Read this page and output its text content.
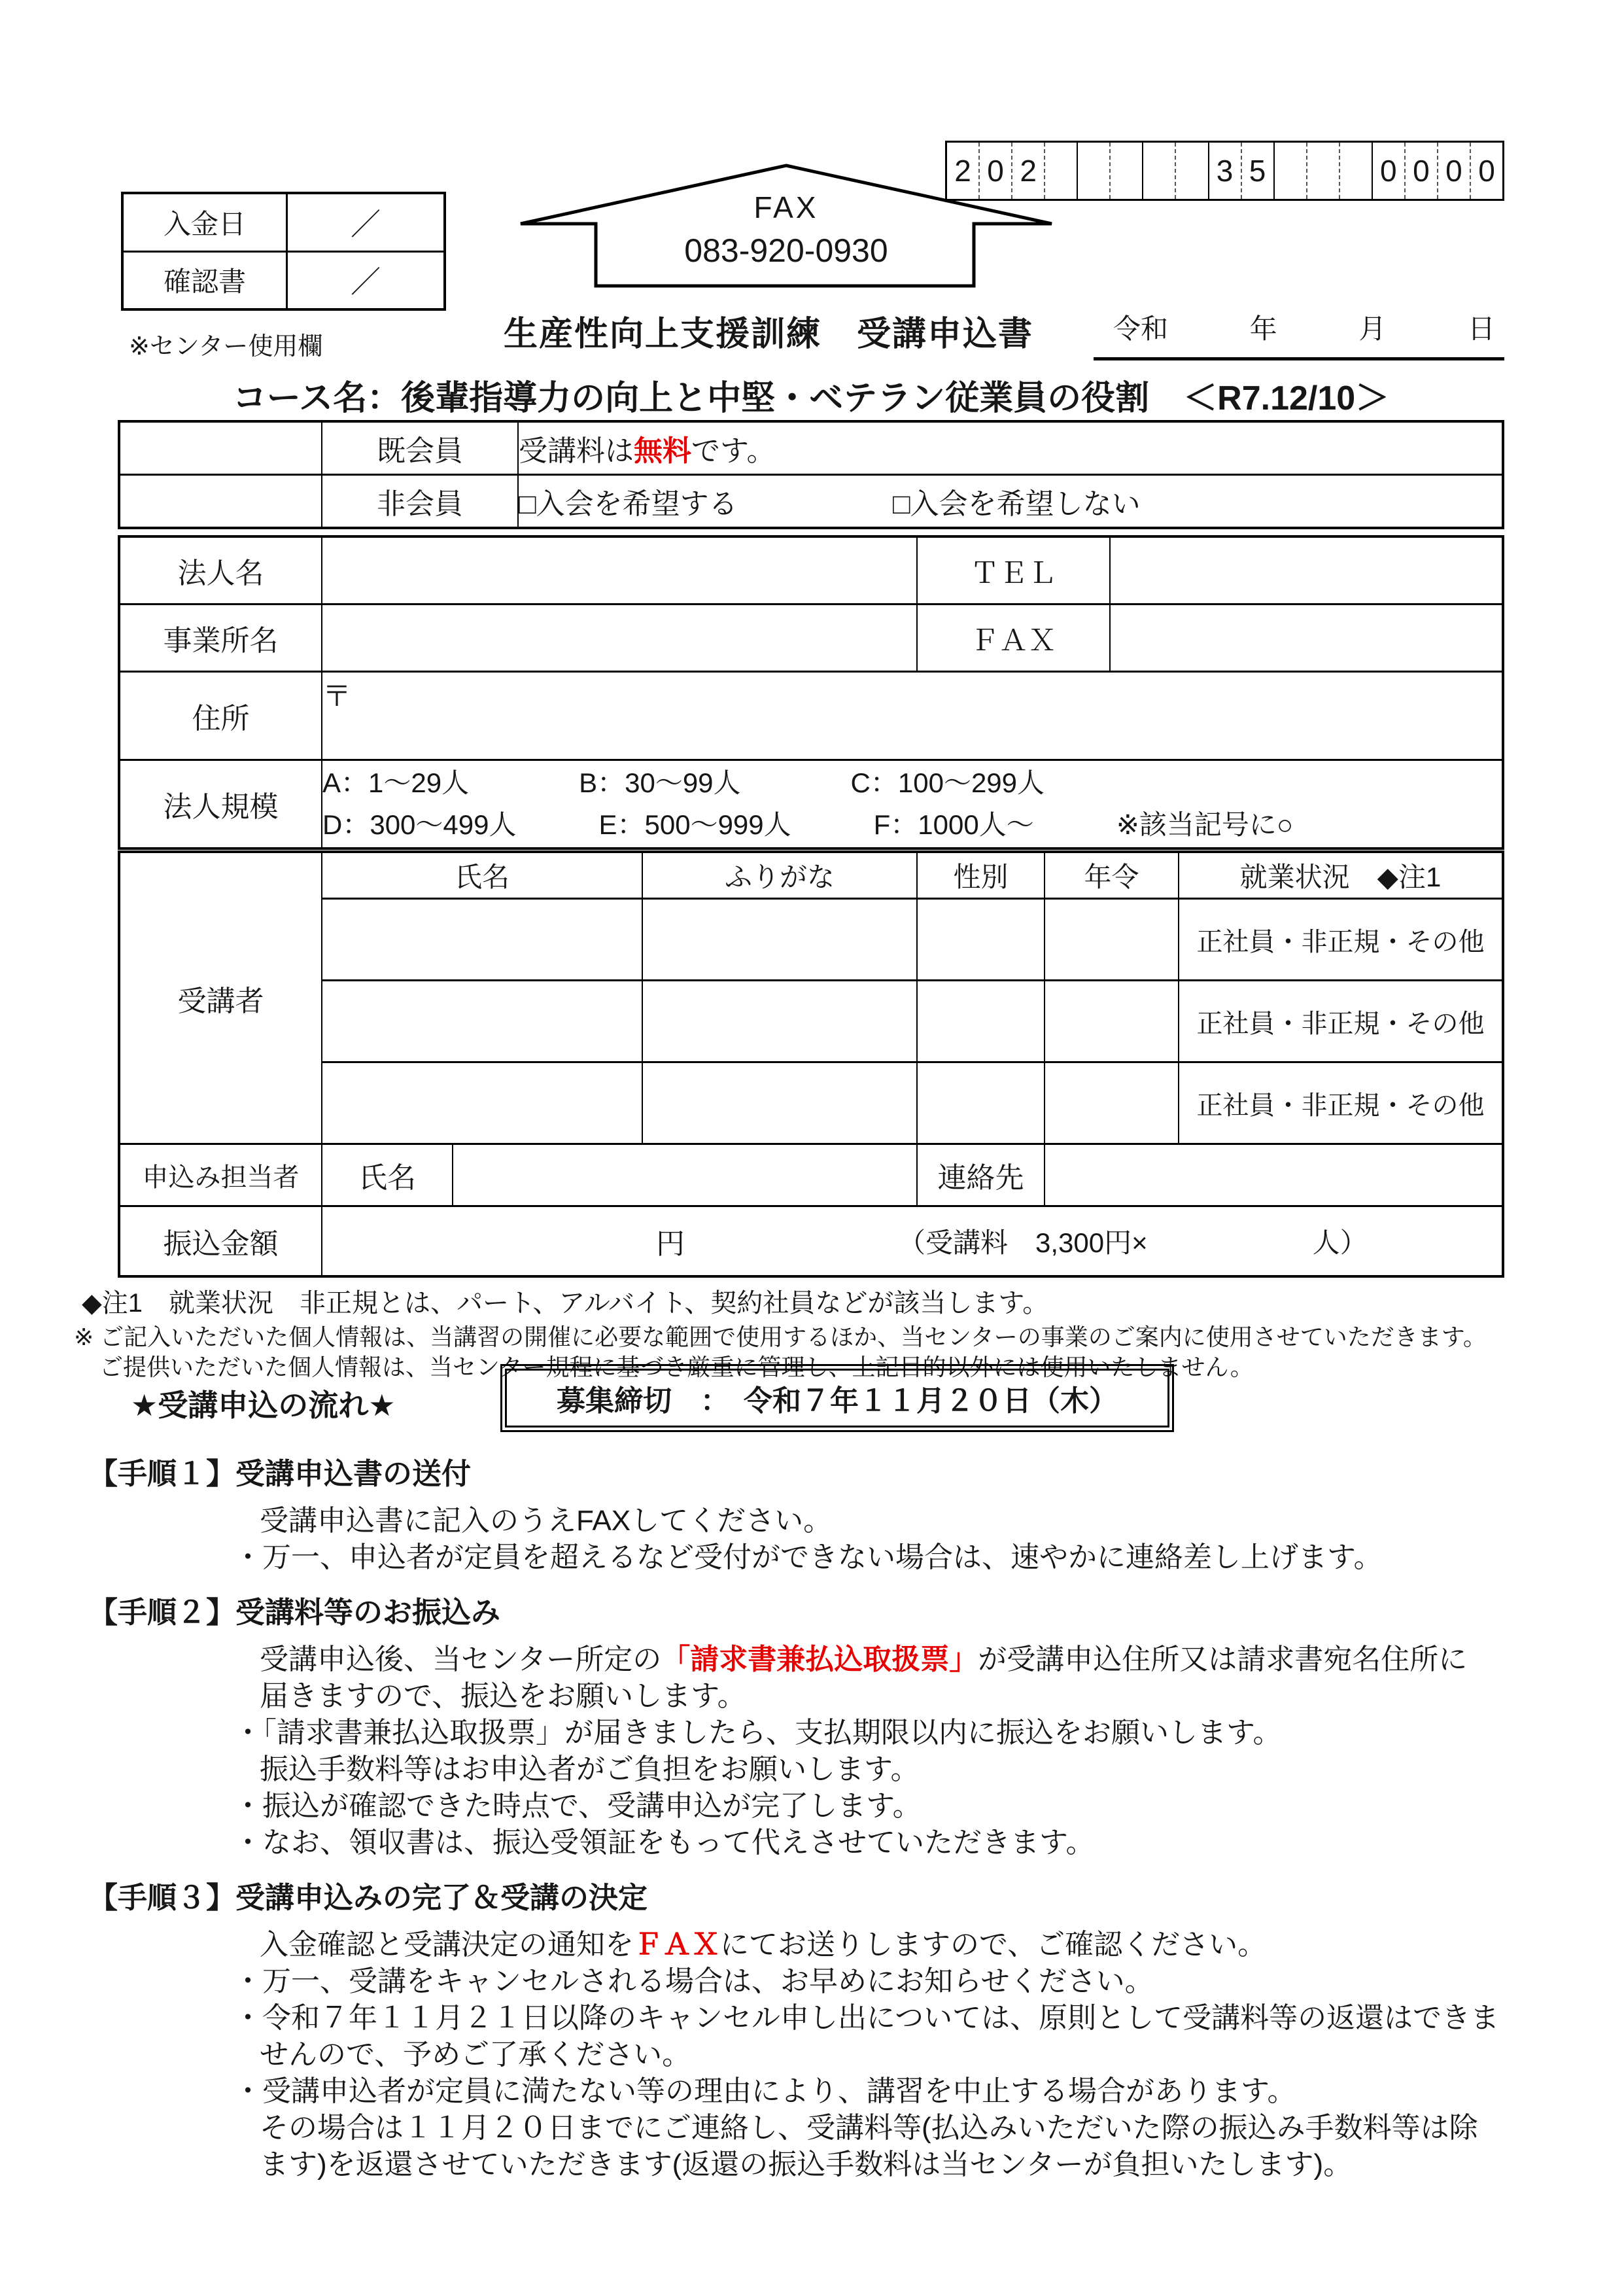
入金日	／
確認書	／
※センター使用欄
FAX
083-920-0930
2 0 2	3 5	0 0 0 0
生産性向上支援訓練　受講申込書	令和	年	月	日
コース名：後輩指導力の向上と中堅・ベテラン従業員の役割　＜R7.12/10＞
	既会員	受講料は無料です。
	非会員	□入会を希望する □入会を希望しない
法人名		ＴＥＬ	
事業所名		ＦＡＸ	
住所	〒		
法人規模	A：1～29人　　　　B：30～99人　　　　C：100～299人
D：300～499人　　　E：500～999人　　　F：1000人～　　　※該当記号に○		
受講者	氏名		ふりがな	性別	年令	就業状況　◆注1
						正社員・非正規・その他
						正社員・非正規・その他
						正社員・非正規・その他
申込み担当者	氏名			連絡先		
振込金額	円 （受講料　3,300円×　　　　　　人）					
◆注1　就業状況　非正規とは、パート、アルバイト、契約社員などが該当します。
※ ご記入いただいた個人情報は、当講習の開催に必要な範囲で使用するほか、当センターの事業のご案内に使用させていただきます。
ご提供いただいた個人情報は、当センター規程に基づき厳重に管理し、上記目的以外には使用いたしません。
★受講申込の流れ★	募集締切　：　令和７年１１月２０日（木）
【手順１】受講申込書の送付
受講申込書に記入のうえFAXしてください。
・万一、申込者が定員を超えるなど受付ができない場合は、速やかに連絡差し上げます。
【手順２】受講料等のお振込み
受講申込後、当センター所定の「請求書兼払込取扱票」が受講申込住所又は請求書宛名住所に
届きますので、振込をお願いします。
・「請求書兼払込取扱票」が届きましたら、支払期限以内に振込をお願いします。
振込手数料等はお申込者がご負担をお願いします。
・振込が確認できた時点で、受講申込が完了します。
・なお、領収書は、振込受領証をもって代えさせていただきます。
【手順３】受講申込みの完了＆受講の決定
入金確認と受講決定の通知をＦＡＸにてお送りしますので、ご確認ください。
・万一、受講をキャンセルされる場合は、お早めにお知らせください。
・令和７年１１月２１日以降のキャンセル申し出については、原則として受講料等の返還はできま
せんので、予めご了承ください。
・受講申込者が定員に満たない等の理由により、講習を中止する場合があります。
その場合は１１月２０日までにご連絡し、受講料等(払込みいただいた際の振込み手数料等は除
ます)を返還させていただきます(返還の振込手数料は当センターが負担いたします)。
